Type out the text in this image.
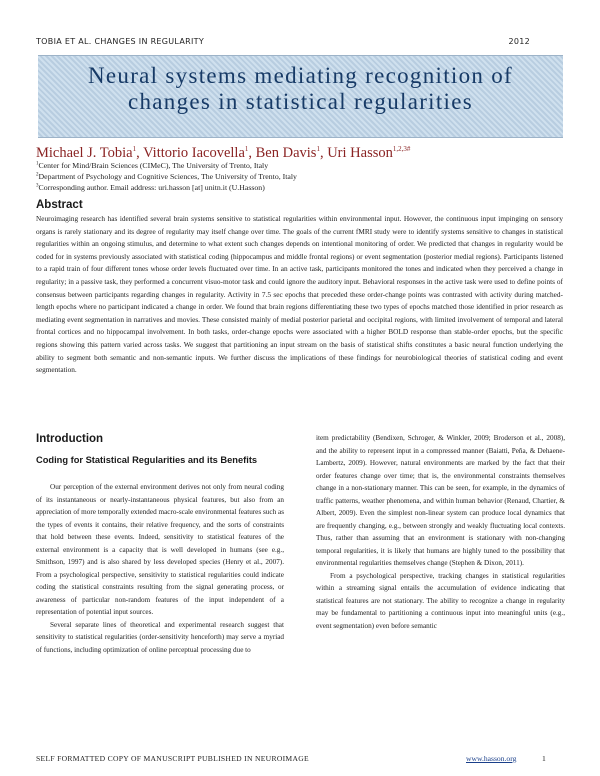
TOBIA ET AL. CHANGES IN REGULARITY	2012
Neural systems mediating recognition of
changes in statistical regularities
Michael J. Tobia$^1$, Vittorio Iacovella$^1$, Ben Davis$^1$, Uri Hasson$^{1,2,3\#}$
$^1$Center for Mind/Brain Sciences (CIMeC), The University of Trento, Italy
$^2$Department of Psychology and Cognitive Sciences, The University of Trento, Italy
$^3$Corresponding author. Email address: uri.hasson [at] unitn.it (U.Hasson)
Abstract
Neuroimaging research has identified several brain systems sensitive to statistical regularities within environmental input. However, the continuous input impinging on sensory organs is rarely stationary and its degree of regularity may itself change over time. The goals of the current fMRI study were to identify systems sensitive to changes in statistical regularities within an ongoing stimulus, and determine to what extent such changes depends on intentional monitoring of order. We predicted that changes in regularity would be coded for in systems previously associated with statistical coding (hippocampus and middle frontal regions) or event segmentation (posterior medial regions). Participants listened to a rapid train of four different tones whose order levels fluctuated over time. In an active task, participants monitored the tones and indicated when they perceived a change in regularity; in a passive task, they performed a concurrent visuo-motor task and could ignore the auditory input. Behavioral responses in the active task were used to define points of consensus between participants regarding changes in regularity. Activity in 7.5 sec epochs that preceded these order-change points was contrasted with activity during matched-length epochs where no participant indicated a change in order. We found that brain regions differentiating these two types of epochs matched those identified in prior research as mediating event segmentation in narratives and movies. These consisted mainly of medial posterior parietal and occipital regions, with limited involvement of temporal and lateral frontal cortices and no hippocampal involvement. In both tasks, order-change epochs were associated with a higher BOLD response than stable-order epochs, but the specific regions showing this pattern varied across tasks. We suggest that partitioning an input stream on the basis of statistical shifts constitutes a basic neural function underlying the ability to segment both semantic and non-semantic inputs. We further discuss the implications of these findings for neurobiological theories of statistical coding and event segmentation.
Introduction
Coding for Statistical Regularities and its Benefits

Our perception of the external environment derives not only from neural coding of its instantaneous or nearly-instantaneous physical features, but also from an appreciation of more temporally extended macro-scale environmental features such as the types of events it contains, their relative frequency, and the sorts of constraints that hold between these events. Indeed, sensitivity to statistical features of the external environment is a capacity that is well developed in humans (see e.g., Smithson, 1997) and is also shared by less developed species (Henry et al., 2007). From a psychological perspective, sensitivity to statistical regularities could indicate coding the statistical constraints resulting from the signal generating process, or awareness of particular non-random features of the input independent of a representation of potential input sources.

Several separate lines of theoretical and experimental research suggest that sensitivity to statistical regularities (order-sensitivity henceforth) may serve a myriad of functions, including optimization of online perceptual processing due to

item predictability (Bendixen, Schroger, & Winkler, 2009; Broderson et al., 2008), and the ability to represent input in a compressed manner (Baiatti, Peña, & Dehaene-Lambertz, 2009). However, natural environments are marked by the fact that their order features change over time; that is, the environmental constraints themselves change in a non-stationary manner. This can be seen, for example, in the dynamics of traffic patterns, weather phenomena, and within human behavior (Renaud, Chartier, & Albert, 2009). Even the simplest non-linear system can produce local dynamics that are frequently changing, e.g., between strongly and weakly fluctuating local contexts. Thus, rather than assuming that an environment is stationary with non-changing temporal regularities, it is likely that humans are highly tuned to the possibility that environmental regularities themselves change (Stephen & Dixon, 2011).

From a psychological perspective, tracking changes in statistical regularities within a streaming signal entails the accumulation of evidence indicating that statistical features are not stationary. The ability to recognize a change in regularity may be fundamental to partitioning a continuous input into meaningful units (e.g., event segmentation) even before semantic

SELF FORMATTED COPY OF MANUSCRIPT PUBLISHED IN NEUROIMAGE	www.hasson.org	1
